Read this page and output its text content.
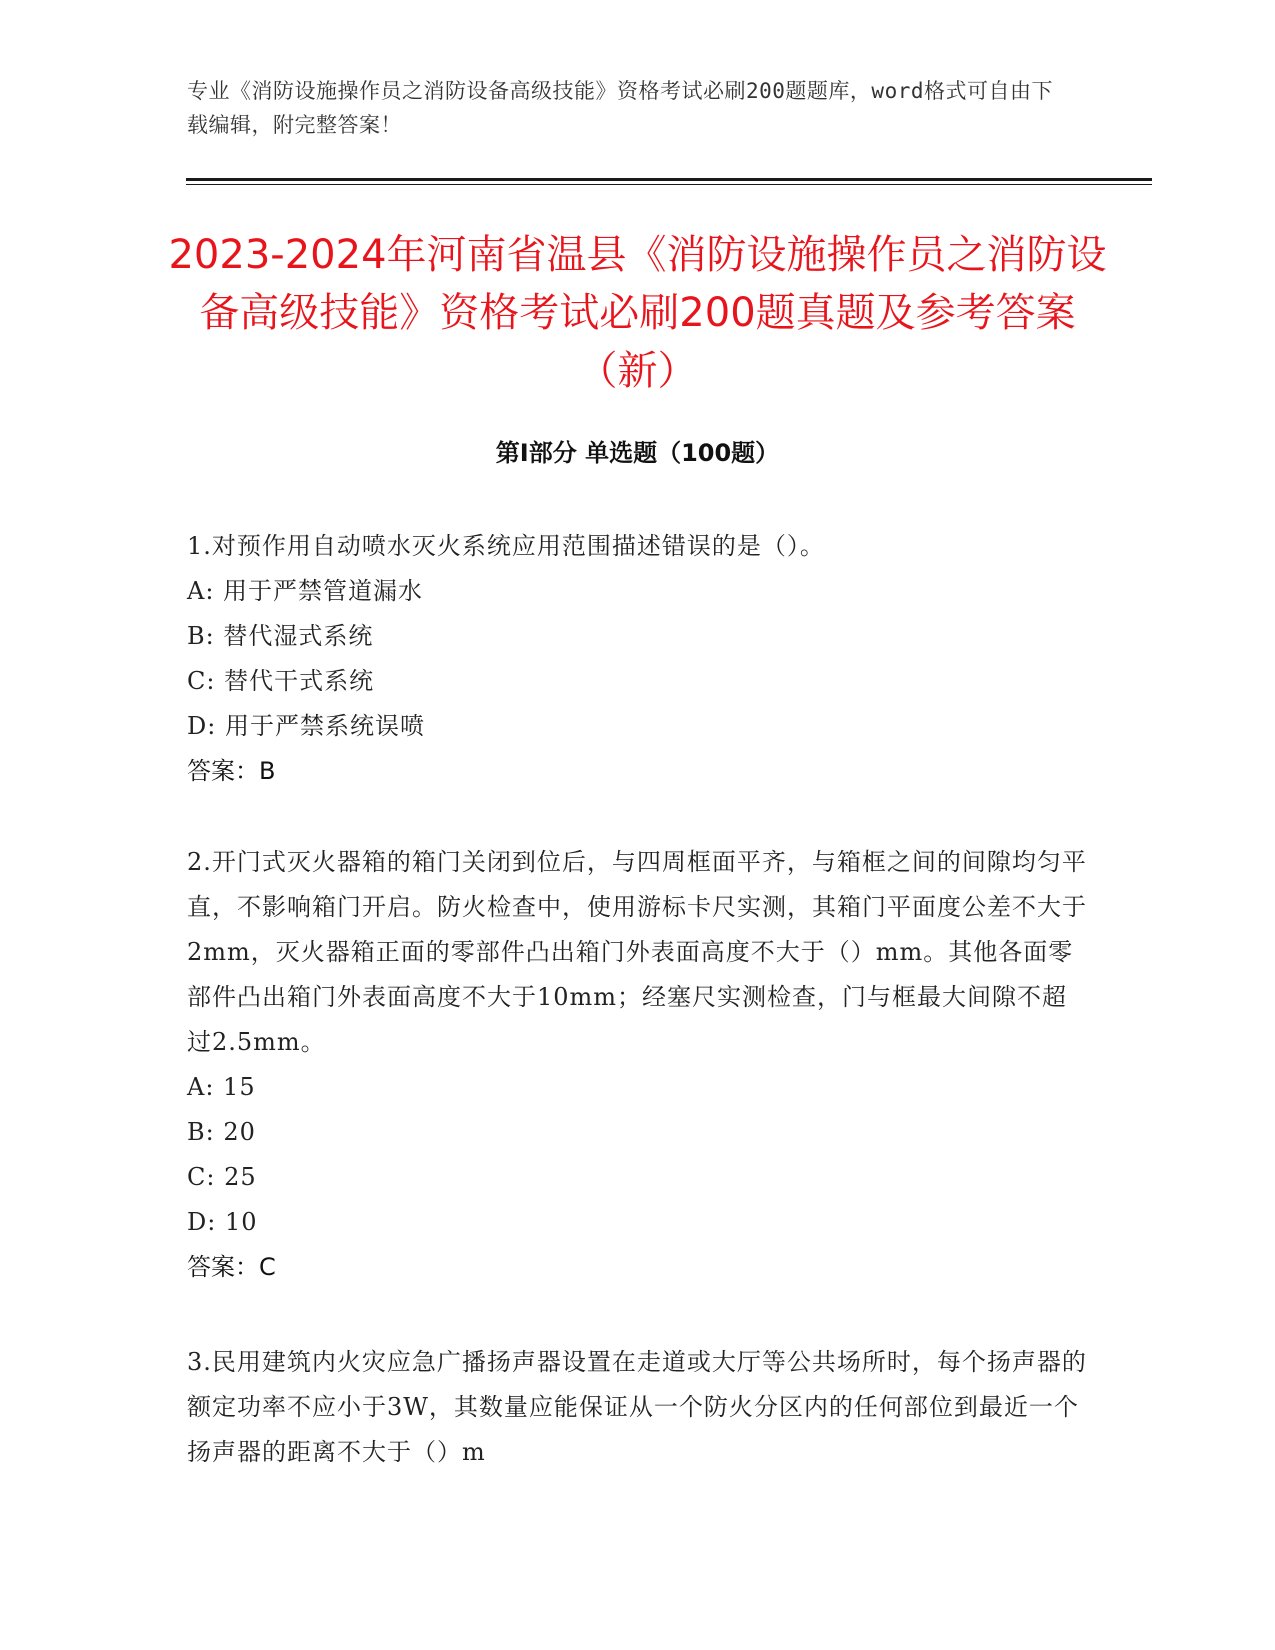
专业《消防设施操作员之消防设备高级技能》资格考试必刷200题题库，word格式可自由下载编辑，附完整答案！
2023-2024年河南省温县《消防设施操作员之消防设备高级技能》资格考试必刷200题真题及参考答案（新）
第I部分 单选题（100题）
1.对预作用自动喷水灭火系统应用范围描述错误的是（）。
A: 用于严禁管道漏水
B: 替代湿式系统
C: 替代干式系统
D: 用于严禁系统误喷
答案：B
2.开门式灭火器箱的箱门关闭到位后，与四周框面平齐，与箱框之间的间隙均匀平直，不影响箱门开启。防火检查中，使用游标卡尺实测，其箱门平面度公差不大于2mm，灭火器箱正面的零部件凸出箱门外表面高度不大于（）mm。其他各面零部件凸出箱门外表面高度不大于10mm；经塞尺实测检查，门与框最大间隙不超过2.5mm。
A: 15
B: 20
C: 25
D: 10
答案：C
3.民用建筑内火灾应急广播扬声器设置在走道或大厅等公共场所时，每个扬声器的额定功率不应小于3W，其数量应能保证从一个防火分区内的任何部位到最近一个扬声器的距离不大于（）m
